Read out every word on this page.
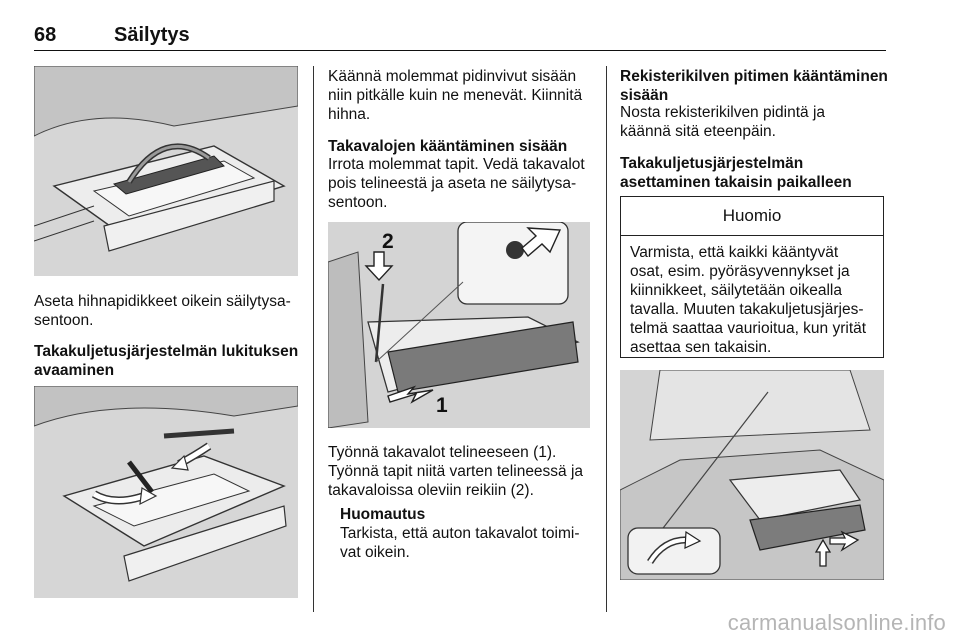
68	Säilytys
Aseta hihnapidikkeet oikein säilytysa-
sentoon.
Takakuljetusjärjestelmän lukituksen
avaaminen
Käännä molemmat pidinvivut sisään
niin pitkälle kuin ne menevät. Kiinnitä
hihna.
Takavalojen kääntäminen sisään
Irrota molemmat tapit. Vedä takavalot
pois telineestä ja aseta ne säilytysa-
sentoon.
2
1
Työnnä takavalot telineeseen (1).
Työnnä tapit niitä varten telineessä ja
takavaloissa oleviin reikiin (2).
Huomautus
Tarkista, että auton takavalot toimi-
vat oikein.
Rekisterikilven pitimen kääntäminen
sisään
Nosta rekisterikilven pidintä ja
käännä sitä eteenpäin.
Takakuljetusjärjestelmän
asettaminen takaisin paikalleen
Huomio
Varmista, että kaikki kääntyvät
osat, esim. pyöräsyvennykset ja
kiinnikkeet, säilytetään oikealla
tavalla. Muuten takakuljetusjärjes-
telmä saattaa vaurioitua, kun yrität
asettaa sen takaisin.
carmanualsonline.info
